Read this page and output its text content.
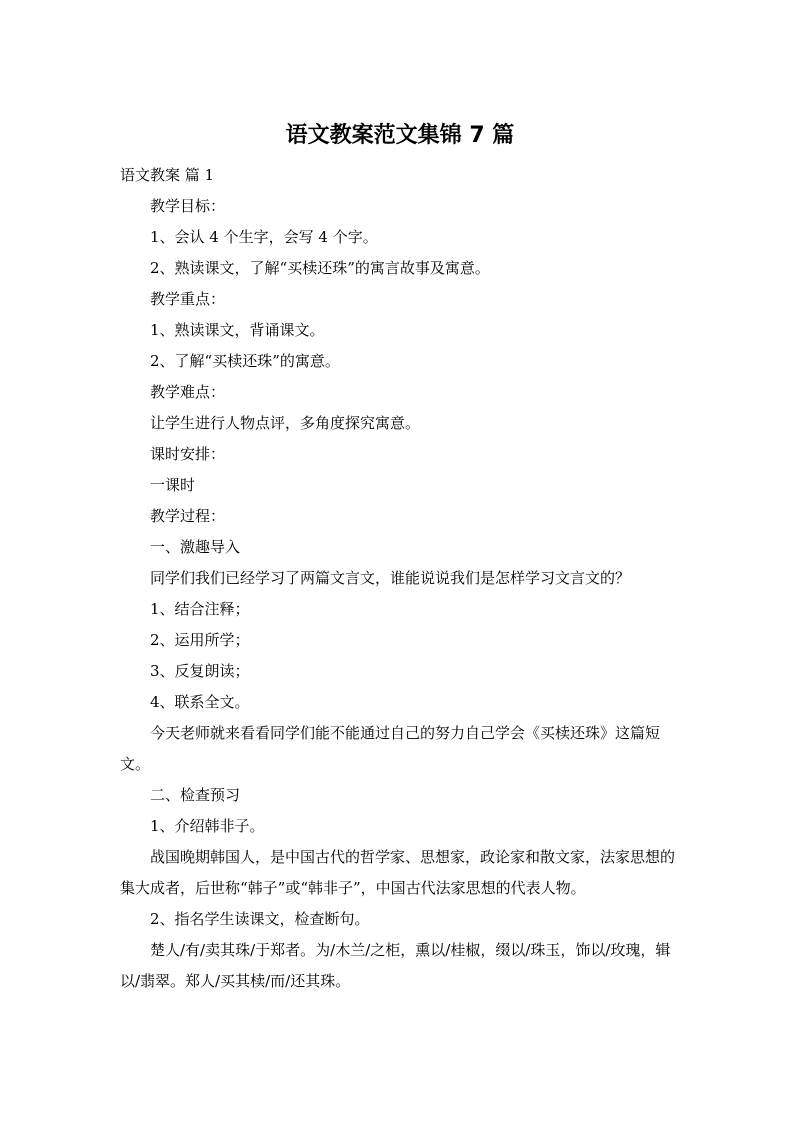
语文教案范文集锦 7 篇

语文教案 篇 1

教学目标：

1、会认 4 个生字，会写 4 个字。

2、熟读课文，了解“买椟还珠”的寓言故事及寓意。

教学重点：

1、熟读课文，背诵课文。

2、了解“买椟还珠”的寓意。

教学难点：

让学生进行人物点评，多角度探究寓意。

课时安排：

一课时

教学过程：

一、激趣导入

同学们我们已经学习了两篇文言文，谁能说说我们是怎样学习文言文的？

1、结合注释；

2、运用所学；

3、反复朗读；

4、联系全文。

今天老师就来看看同学们能不能通过自己的努力自己学会《买椟还珠》这篇短文。

二、检查预习

1、介绍韩非子。

战国晚期韩国人，是中国古代的哲学家、思想家，政论家和散文家，法家思想的集大成者，后世称“韩子”或“韩非子”，中国古代法家思想的代表人物。

2、指名学生读课文，检查断句。

楚人/有/卖其珠/于郑者。为/木兰/之柜，熏以/桂椒，缀以/珠玉，饰以/玫瑰，辑以/翡翠。郑人/买其椟/而/还其珠。
